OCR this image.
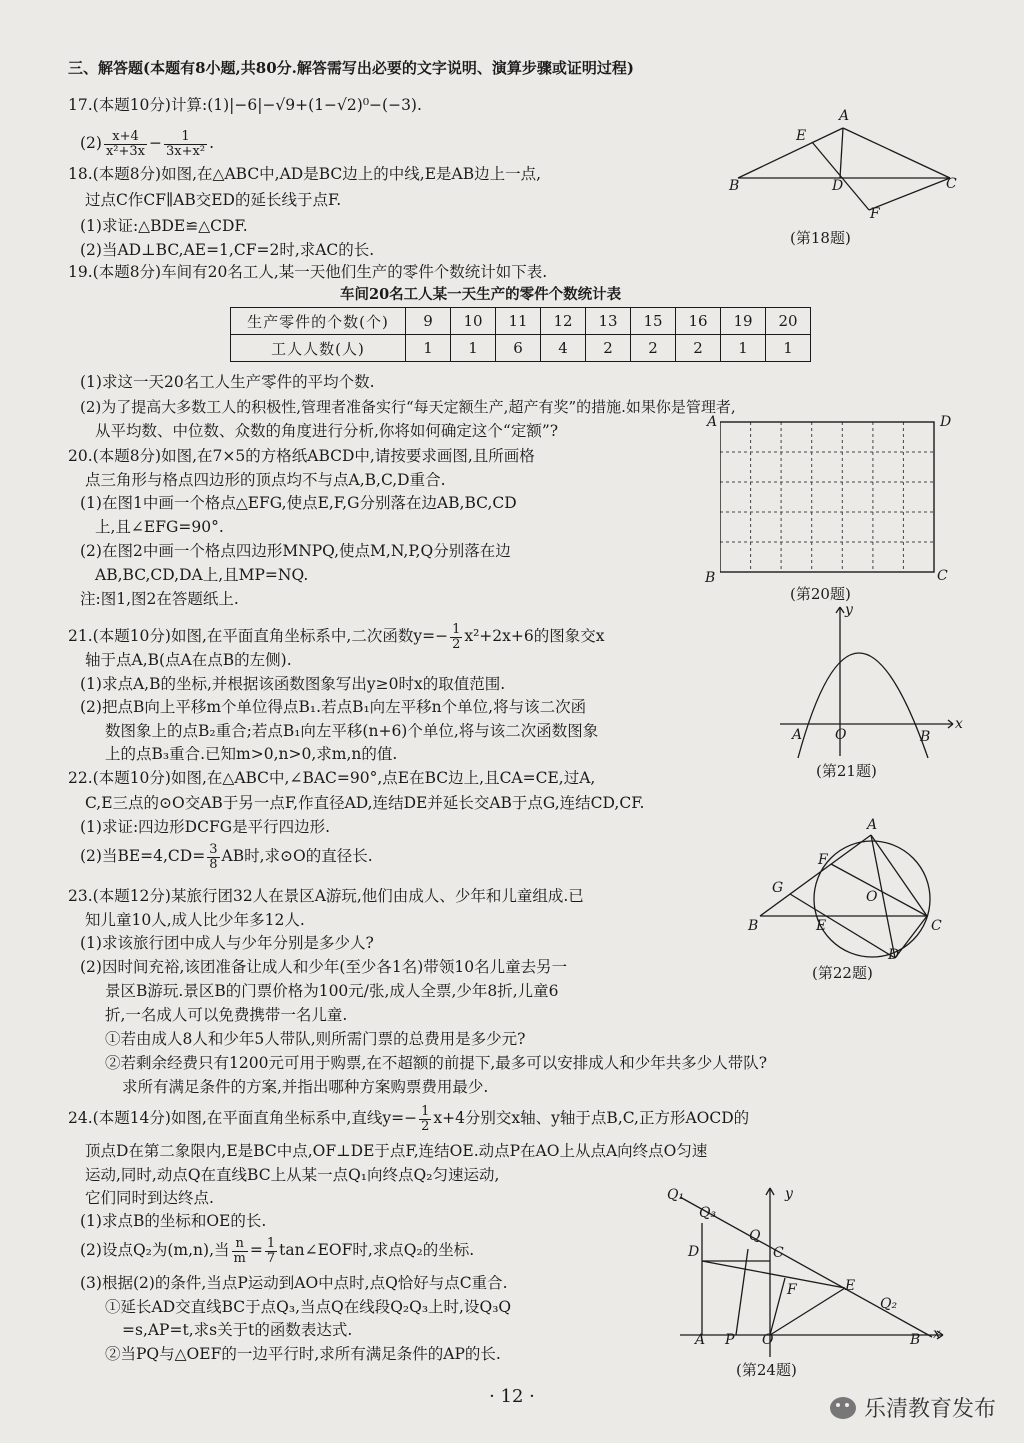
三、解答题(本题有8小题,共80分.解答需写出必要的文字说明、演算步骤或证明过程)
17.(本题10分)计算:(1)|−6|−√9+(1−√2)⁰−(−3).
$(2) \frac{x+4}{\text{x²+3x}} - \frac{1}{\text{3x+x²}}$ .
18.(本题8分)如图,在△ABC中,AD是BC边上的中线,E是AB边上一点,
过点C作CF∥AB交ED的延长线于点F.
(1)求证:△BDE≌△CDF.
(2)当AD⊥BC,AE=1,CF=2时,求AC的长.
A
E
B	D	C
F
(第18题)
19.(本题8分)车间有20名工人,某一天他们生产的零件个数统计如下表.
车间20名工人某一天生产的零件个数统计表
生产零件的个数(个)	9	10	11	12	13	15	16	19	20
工人人数(人)	1	1	6	4	2	2	2	1	1
(1)求这一天20名工人生产零件的平均个数.
(2)为了提高大多数工人的积极性,管理者准备实行“每天定额生产,超产有奖”的措施.如果你是管理者,
从平均数、中位数、众数的角度进行分析,你将如何确定这个“定额”?
20.(本题8分)如图,在7×5的方格纸ABCD中,请按要求画图,且所画格
点三角形与格点四边形的顶点均不与点A,B,C,D重合.
(1)在图1中画一个格点△EFG,使点E,F,G分别落在边AB,BC,CD
上,且∠EFG=90°.
(2)在图2中画一个格点四边形MNPQ,使点M,N,P,Q分别落在边
AB,BC,CD,DA上,且MP=NQ.
注:图1,图2在答题纸上.
A	D
B	C
(第20题)
21.(本题10分)如图,在平面直角坐标系中,二次函数$y=- \frac{1}{2} x^2+2x+6$的图象交x
轴于点A,B(点A在点B的左侧).
(1)求点A,B的坐标,并根据该函数图象写出y≥0时x的取值范围.
(2)把点B向上平移m个单位得点B₁.若点B₁向左平移n个单位,将与该二次函
数图象上的点B₂重合;若点B₁向左平移(n+6)个单位,将与该二次函数图象
上的点B₃重合.已知m>0,n>0,求m,n的值.
y
x
A O	B
(第21题)
22.(本题10分)如图,在△ABC中,∠BAC=90°,点E在BC边上,且CA=CE,过A,
C,E三点的⊙O交AB于另一点F,作直径AD,连结DE并延长交AB于点G,连结CD,CF.
(1)求证:四边形DCFG是平行四边形.
(2)当$BE=4,CD= \frac{3}{8}$ AB时,求⊙O的直径长.
A
F
G
O
B	E	C
D
(第22题)
23.(本题12分)某旅行团32人在景区A游玩,他们由成人、少年和儿童组成.已
知儿童10人,成人比少年多12人.
(1)求该旅行团中成人与少年分别是多少人?
(2)因时间充裕,该团准备让成人和少年(至少各1名)带领10名儿童去另一
景区B游玩.景区B的门票价格为100元/张,成人全票,少年8折,儿童6
折,一名成人可以免费携带一名儿童.
①若由成人8人和少年5人带队,则所需门票的总费用是多少元?
②若剩余经费只有1200元可用于购票,在不超额的前提下,最多可以安排成人和少年共多少人带队?
求所有满足条件的方案,并指出哪种方案购票费用最少.
24.(本题14分)如图,在平面直角坐标系中,直线$y=- \frac{1}{2} x+4$分别交x轴、y轴于点B,C,正方形AOCD的
顶点D在第二象限内,E是BC中点,OF⊥DE于点F,连结OE.动点P在AO上从点A向终点O匀速
运动,同时,动点Q在直线BC上从某一点Q₁向终点Q₂匀速运动,
它们同时到达终点.
(1)求点B的坐标和OE的长.
(2)设点Q₂为(m,n),当 $\frac{n}{m} = \frac{1}{7}$ tan∠EOF时,求点Q₂的坐标.
(3)根据(2)的条件,当点P运动到AO中点时,点Q恰好与点C重合.
①延长AD交直线BC于点Q₃,当点Q在线段Q₂Q₃上时,设Q₃Q
=s,AP=t,求s关于t的函数表达式.
②当PQ与△OEF的一边平行时,求所有满足条件的AP的长.
Q₁
Q₃
y
Q
D	C
F	E
Q₂
A P O	B x
(第24题)
· 12 ·
乐清教育发布
